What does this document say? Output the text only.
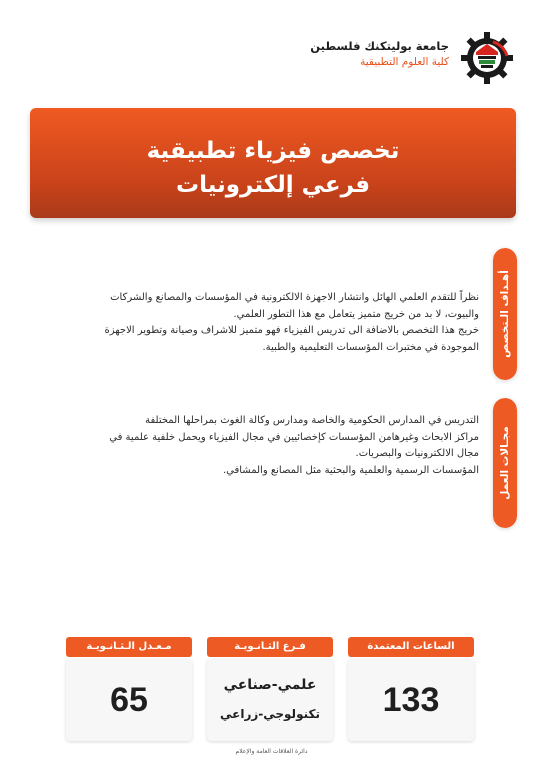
جامعة بوليتكنك فلسطين
كلية العلوم التطبيقية
تخصص فيزياء تطبيقية
فرعي إلكترونيات
أهـداف الـتخصص

نظراً للتقدم العلمي الهائل وانتشار الاجهزة الالكترونية في المؤسسات والمصانع والشركات

والبيوت، لا بد من خريج متميز يتعامل مع هذا التطور العلمي.

خريج هذا التخصص بالاضافة الى تدريس الفيزياء فهو متميز للاشراف وصيانة وتطوير الاجهزة

الموجودة في مختبرات المؤسسات التعليمية والطبية.

مجـالات العمل

التدريس في المدارس الحكومية والخاصة ومدارس وكالة الغوث بمراحلها المختلفة

مراكز الابحاث وغيرهامن المؤسسات كإخصائيين في مجال الفيزياء ويحمل خلفية علمية في

مجال الالكترونيات والبصريات.

المؤسسات الرسمية والعلمية والبحثية مثل المصانع والمشافي.

الساعات المعتمدة
133
فـرع الثـانـويـة
علمي-صناعي
تكنولوجي-زراعي
مـعـدل الـثـانـويـة
65
دائرة العلاقات العامة والإعلام
